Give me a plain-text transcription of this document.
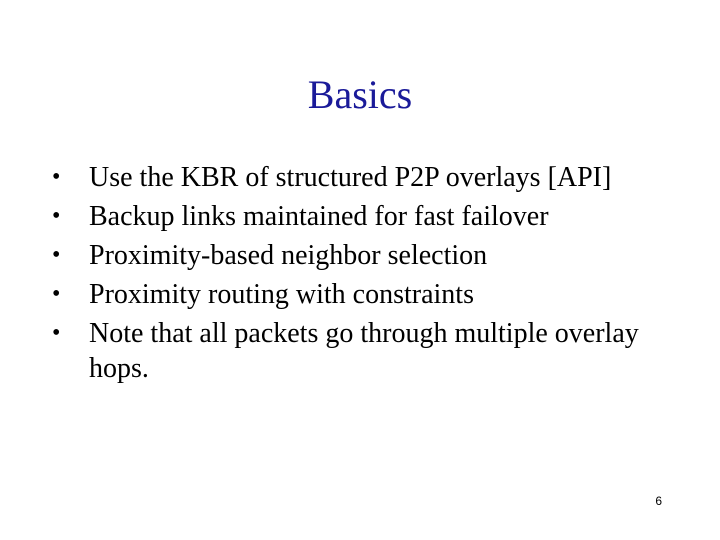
Basics
•	Use the KBR of structured P2P overlays [API]
•	Backup links maintained for fast failover
•	Proximity-based neighbor selection
•	Proximity routing with constraints
•	Note that all packets go through multiple overlay hops.
6
